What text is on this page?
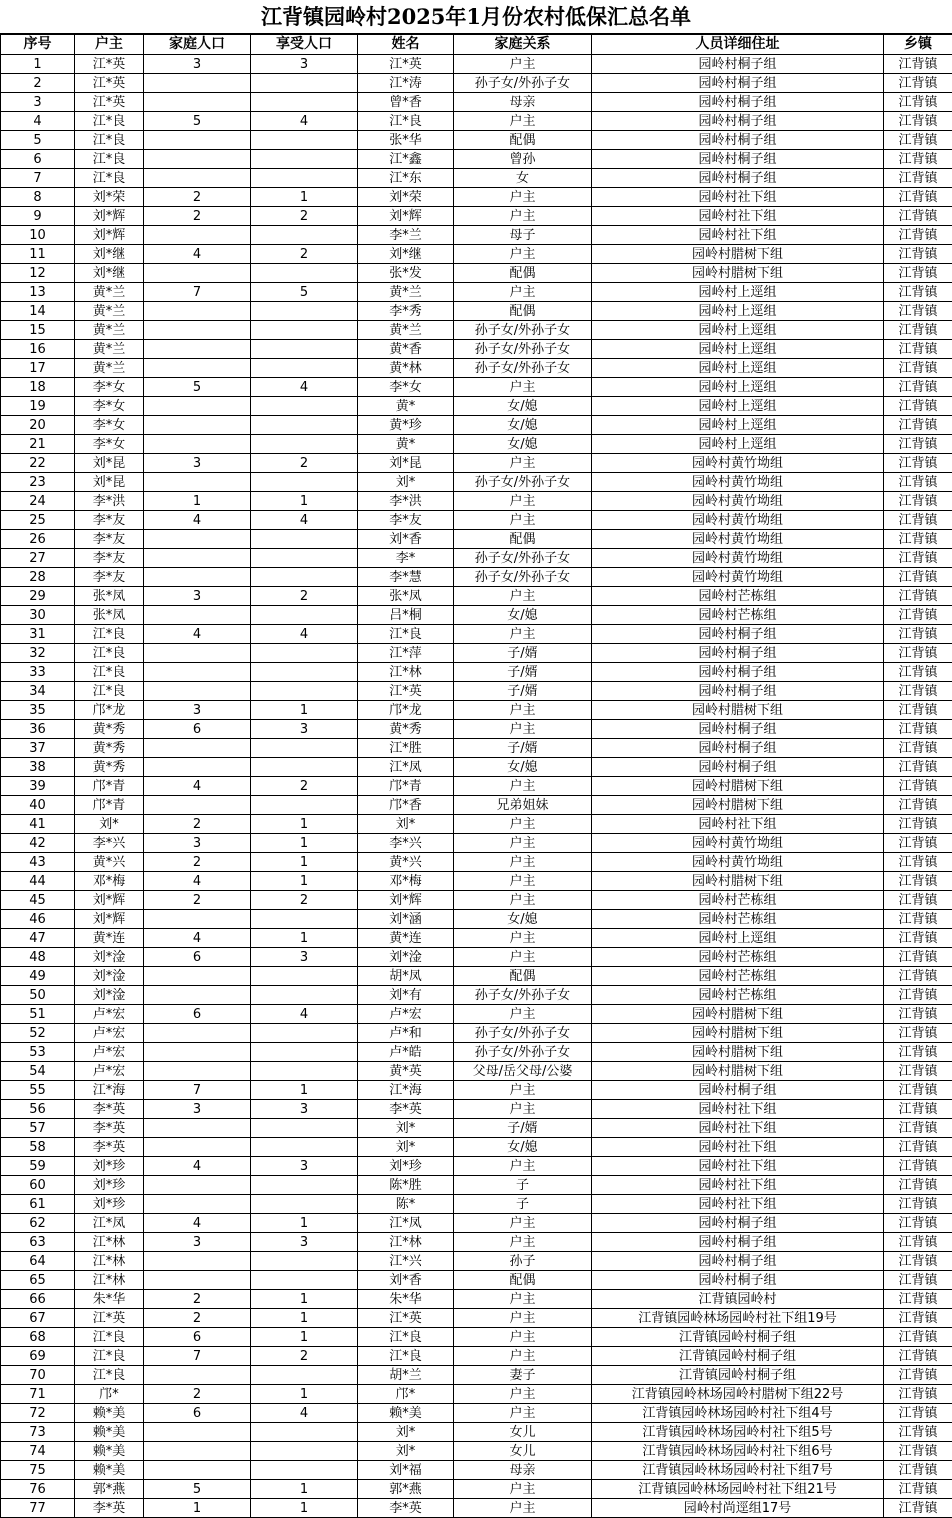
江背镇园岭村2025年1月份农村低保汇总名单
序号	户主	家庭人口	享受人口	姓名	家庭关系	人员详细住址	乡镇
1	江*英	3	3	江*英	户主	园岭村桐子组	江背镇
2	江*英			江*涛	孙子女/外孙子女	园岭村桐子组	江背镇
3	江*英			曾*香	母亲	园岭村桐子组	江背镇
4	江*良	5	4	江*良	户主	园岭村桐子组	江背镇
5	江*良			张*华	配偶	园岭村桐子组	江背镇
6	江*良			江*鑫	曾孙	园岭村桐子组	江背镇
7	江*良			江*东	女	园岭村桐子组	江背镇
8	刘*荣	2	1	刘*荣	户主	园岭村社下组	江背镇
9	刘*辉	2	2	刘*辉	户主	园岭村社下组	江背镇
10	刘*辉			李*兰	母子	园岭村社下组	江背镇
11	刘*继	4	2	刘*继	户主	园岭村腊树下组	江背镇
12	刘*继			张*发	配偶	园岭村腊树下组	江背镇
13	黄*兰	7	5	黄*兰	户主	园岭村上逕组	江背镇
14	黄*兰			李*秀	配偶	园岭村上逕组	江背镇
15	黄*兰			黄*兰	孙子女/外孙子女	园岭村上逕组	江背镇
16	黄*兰			黄*香	孙子女/外孙子女	园岭村上逕组	江背镇
17	黄*兰			黄*林	孙子女/外孙子女	园岭村上逕组	江背镇
18	李*女	5	4	李*女	户主	园岭村上逕组	江背镇
19	李*女			黄*	女/媳	园岭村上逕组	江背镇
20	李*女			黄*珍	女/媳	园岭村上逕组	江背镇
21	李*女			黄*	女/媳	园岭村上逕组	江背镇
22	刘*昆	3	2	刘*昆	户主	园岭村黄竹坳组	江背镇
23	刘*昆			刘*	孙子女/外孙子女	园岭村黄竹坳组	江背镇
24	李*洪	1	1	李*洪	户主	园岭村黄竹坳组	江背镇
25	李*友	4	4	李*友	户主	园岭村黄竹坳组	江背镇
26	李*友			刘*香	配偶	园岭村黄竹坳组	江背镇
27	李*友			李*	孙子女/外孙子女	园岭村黄竹坳组	江背镇
28	李*友			李*慧	孙子女/外孙子女	园岭村黄竹坳组	江背镇
29	张*凤	3	2	张*凤	户主	园岭村芒栋组	江背镇
30	张*凤			吕*桐	女/媳	园岭村芒栋组	江背镇
31	江*良	4	4	江*良	户主	园岭村桐子组	江背镇
32	江*良			江*萍	子/婿	园岭村桐子组	江背镇
33	江*良			江*林	子/婿	园岭村桐子组	江背镇
34	江*良			江*英	子/婿	园岭村桐子组	江背镇
35	邝*龙	3	1	邝*龙	户主	园岭村腊树下组	江背镇
36	黄*秀	6	3	黄*秀	户主	园岭村桐子组	江背镇
37	黄*秀			江*胜	子/婿	园岭村桐子组	江背镇
38	黄*秀			江*凤	女/媳	园岭村桐子组	江背镇
39	邝*青	4	2	邝*青	户主	园岭村腊树下组	江背镇
40	邝*青			邝*香	兄弟姐妹	园岭村腊树下组	江背镇
41	刘*	2	1	刘*	户主	园岭村社下组	江背镇
42	李*兴	3	1	李*兴	户主	园岭村黄竹坳组	江背镇
43	黄*兴	2	1	黄*兴	户主	园岭村黄竹坳组	江背镇
44	邓*梅	4	1	邓*梅	户主	园岭村腊树下组	江背镇
45	刘*辉	2	2	刘*辉	户主	园岭村芒栋组	江背镇
46	刘*辉			刘*涵	女/媳	园岭村芒栋组	江背镇
47	黄*连	4	1	黄*连	户主	园岭村上逕组	江背镇
48	刘*淦	6	3	刘*淦	户主	园岭村芒栋组	江背镇
49	刘*淦			胡*凤	配偶	园岭村芒栋组	江背镇
50	刘*淦			刘*有	孙子女/外孙子女	园岭村芒栋组	江背镇
51	卢*宏	6	4	卢*宏	户主	园岭村腊树下组	江背镇
52	卢*宏			卢*和	孙子女/外孙子女	园岭村腊树下组	江背镇
53	卢*宏			卢*皓	孙子女/外孙子女	园岭村腊树下组	江背镇
54	卢*宏			黄*英	父母/岳父母/公婆	园岭村腊树下组	江背镇
55	江*海	7	1	江*海	户主	园岭村桐子组	江背镇
56	李*英	3	3	李*英	户主	园岭村社下组	江背镇
57	李*英			刘*	子/婿	园岭村社下组	江背镇
58	李*英			刘*	女/媳	园岭村社下组	江背镇
59	刘*珍	4	3	刘*珍	户主	园岭村社下组	江背镇
60	刘*珍			陈*胜	子	园岭村社下组	江背镇
61	刘*珍			陈*	子	园岭村社下组	江背镇
62	江*凤	4	1	江*凤	户主	园岭村桐子组	江背镇
63	江*林	3	3	江*林	户主	园岭村桐子组	江背镇
64	江*林			江*兴	孙子	园岭村桐子组	江背镇
65	江*林			刘*香	配偶	园岭村桐子组	江背镇
66	朱*华	2	1	朱*华	户主	江背镇园岭村	江背镇
67	江*英	2	1	江*英	户主	江背镇园岭林场园岭村社下组19号	江背镇
68	江*良	6	1	江*良	户主	江背镇园岭村桐子组	江背镇
69	江*良	7	2	江*良	户主	江背镇园岭村桐子组	江背镇
70	江*良			胡*兰	妻子	江背镇园岭村桐子组	江背镇
71	邝*	2	1	邝*	户主	江背镇园岭林场园岭村腊树下组22号	江背镇
72	赖*美	6	4	赖*美	户主	江背镇园岭林场园岭村社下组4号	江背镇
73	赖*美			刘*	女儿	江背镇园岭林场园岭村社下组5号	江背镇
74	赖*美			刘*	女儿	江背镇园岭林场园岭村社下组6号	江背镇
75	赖*美			刘*福	母亲	江背镇园岭林场园岭村社下组7号	江背镇
76	郭*燕	5	1	郭*燕	户主	江背镇园岭林场园岭村社下组21号	江背镇
77	李*英	1	1	李*英	户主	园岭村尚逕组17号	江背镇
